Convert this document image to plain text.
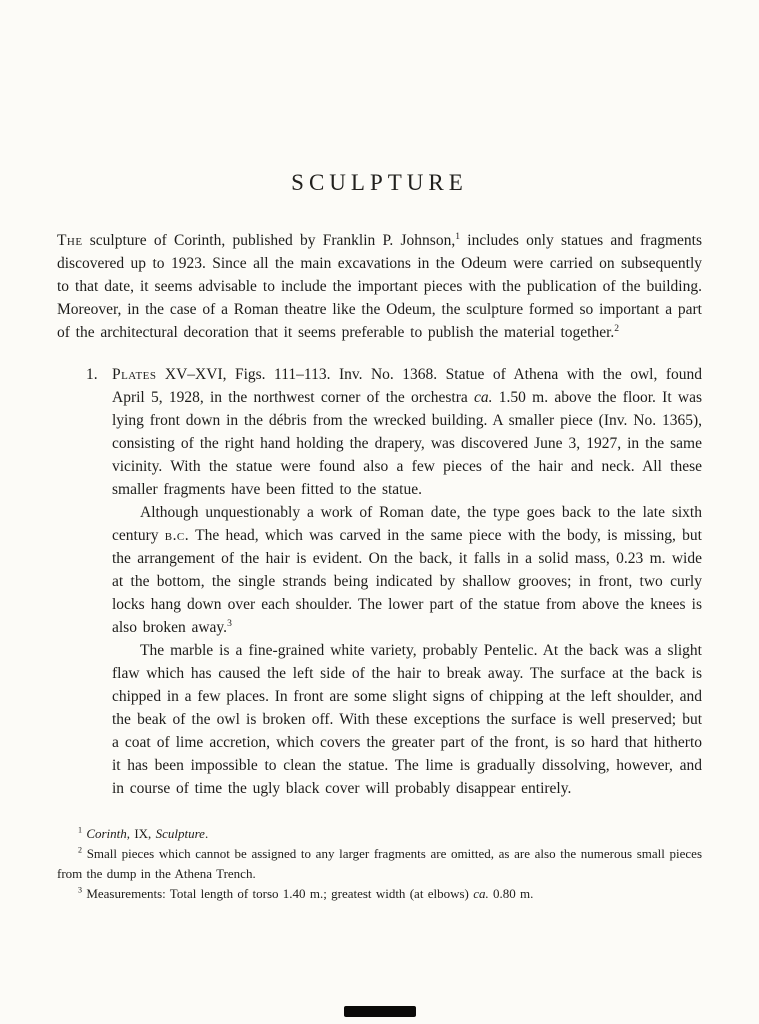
SCULPTURE

The sculpture of Corinth, published by Franklin P. Johnson,$^1$ includes only statues and fragments discovered up to 1923. Since all the main excavations in the Odeum were carried on subsequently to that date, it seems advisable to include the important pieces with the publication of the building. Moreover, in the case of a Roman theatre like the Odeum, the sculpture formed so important a part of the architectural decoration that it seems preferable to publish the material together.$^2$

1. Plates XV–XVI, Figs. 111–113. Inv. No. 1368. Statue of Athena with the owl, found April 5, 1928, in the northwest corner of the orchestra ca. 1.50 m. above the floor. It was lying front down in the débris from the wrecked building. A smaller piece (Inv. No. 1365), consisting of the right hand holding the drapery, was discovered June 3, 1927, in the same vicinity. With the statue were found also a few pieces of the hair and neck. All these smaller fragments have been fitted to the statue.

Although unquestionably a work of Roman date, the type goes back to the late sixth century b.c. The head, which was carved in the same piece with the body, is missing, but the arrangement of the hair is evident. On the back, it falls in a solid mass, 0.23 m. wide at the bottom, the single strands being indicated by shallow grooves; in front, two curly locks hang down over each shoulder. The lower part of the statue from above the knees is also broken away.$^3$

The marble is a fine-grained white variety, probably Pentelic. At the back was a slight flaw which has caused the left side of the hair to break away. The surface at the back is chipped in a few places. In front are some slight signs of chipping at the left shoulder, and the beak of the owl is broken off. With these exceptions the surface is well preserved; but a coat of lime accretion, which covers the greater part of the front, is so hard that hitherto it has been impossible to clean the statue. The lime is gradually dissolving, however, and in course of time the ugly black cover will probably disappear entirely.

$^1$ Corinth, IX, Sculpture.

$^2$ Small pieces which cannot be assigned to any larger fragments are omitted, as are also the numerous small pieces from the dump in the Athena Trench.

$^3$ Measurements: Total length of torso 1.40 m.; greatest width (at elbows) ca. 0.80 m.
